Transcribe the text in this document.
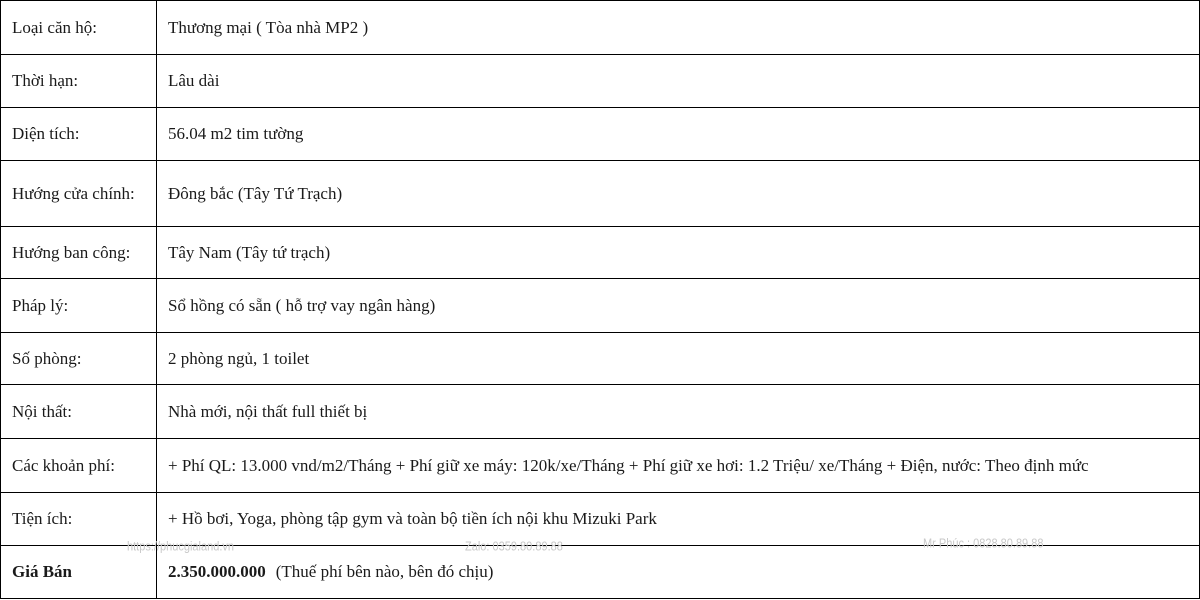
Loại căn hộ:	Thương mại ( Tòa nhà MP2 )
Thời hạn:	Lâu dài
Diện tích:	56.04 m2 tim tường
Hướng cửa chính:	Đông bắc (Tây Tứ Trạch)
Hướng ban công:	Tây Nam (Tây tứ trạch)
Pháp lý:	Sổ hồng có sẵn ( hỗ trợ vay ngân hàng)
Số phòng:	2 phòng ngủ, 1 toilet
Nội thất:	Nhà mới, nội thất full thiết bị
Các khoản phí:	+ Phí QL: 13.000 vnd/m2/Tháng + Phí giữ xe máy: 120k/xe/Tháng + Phí giữ xe hơi: 1.2 Triệu/ xe/Tháng + Điện, nước: Theo định mức
Tiện ích:	+ Hồ bơi, Yoga, phòng tập gym và toàn bộ tiền ích nội khu Mizuki Park
Giá Bán	2.350.000.000 (Thuế phí bên nào, bên đó chịu)
https://phucgialand.vn	Zalo: 0359.80.89.88	Mr Phúc : 0828.80.89.88
